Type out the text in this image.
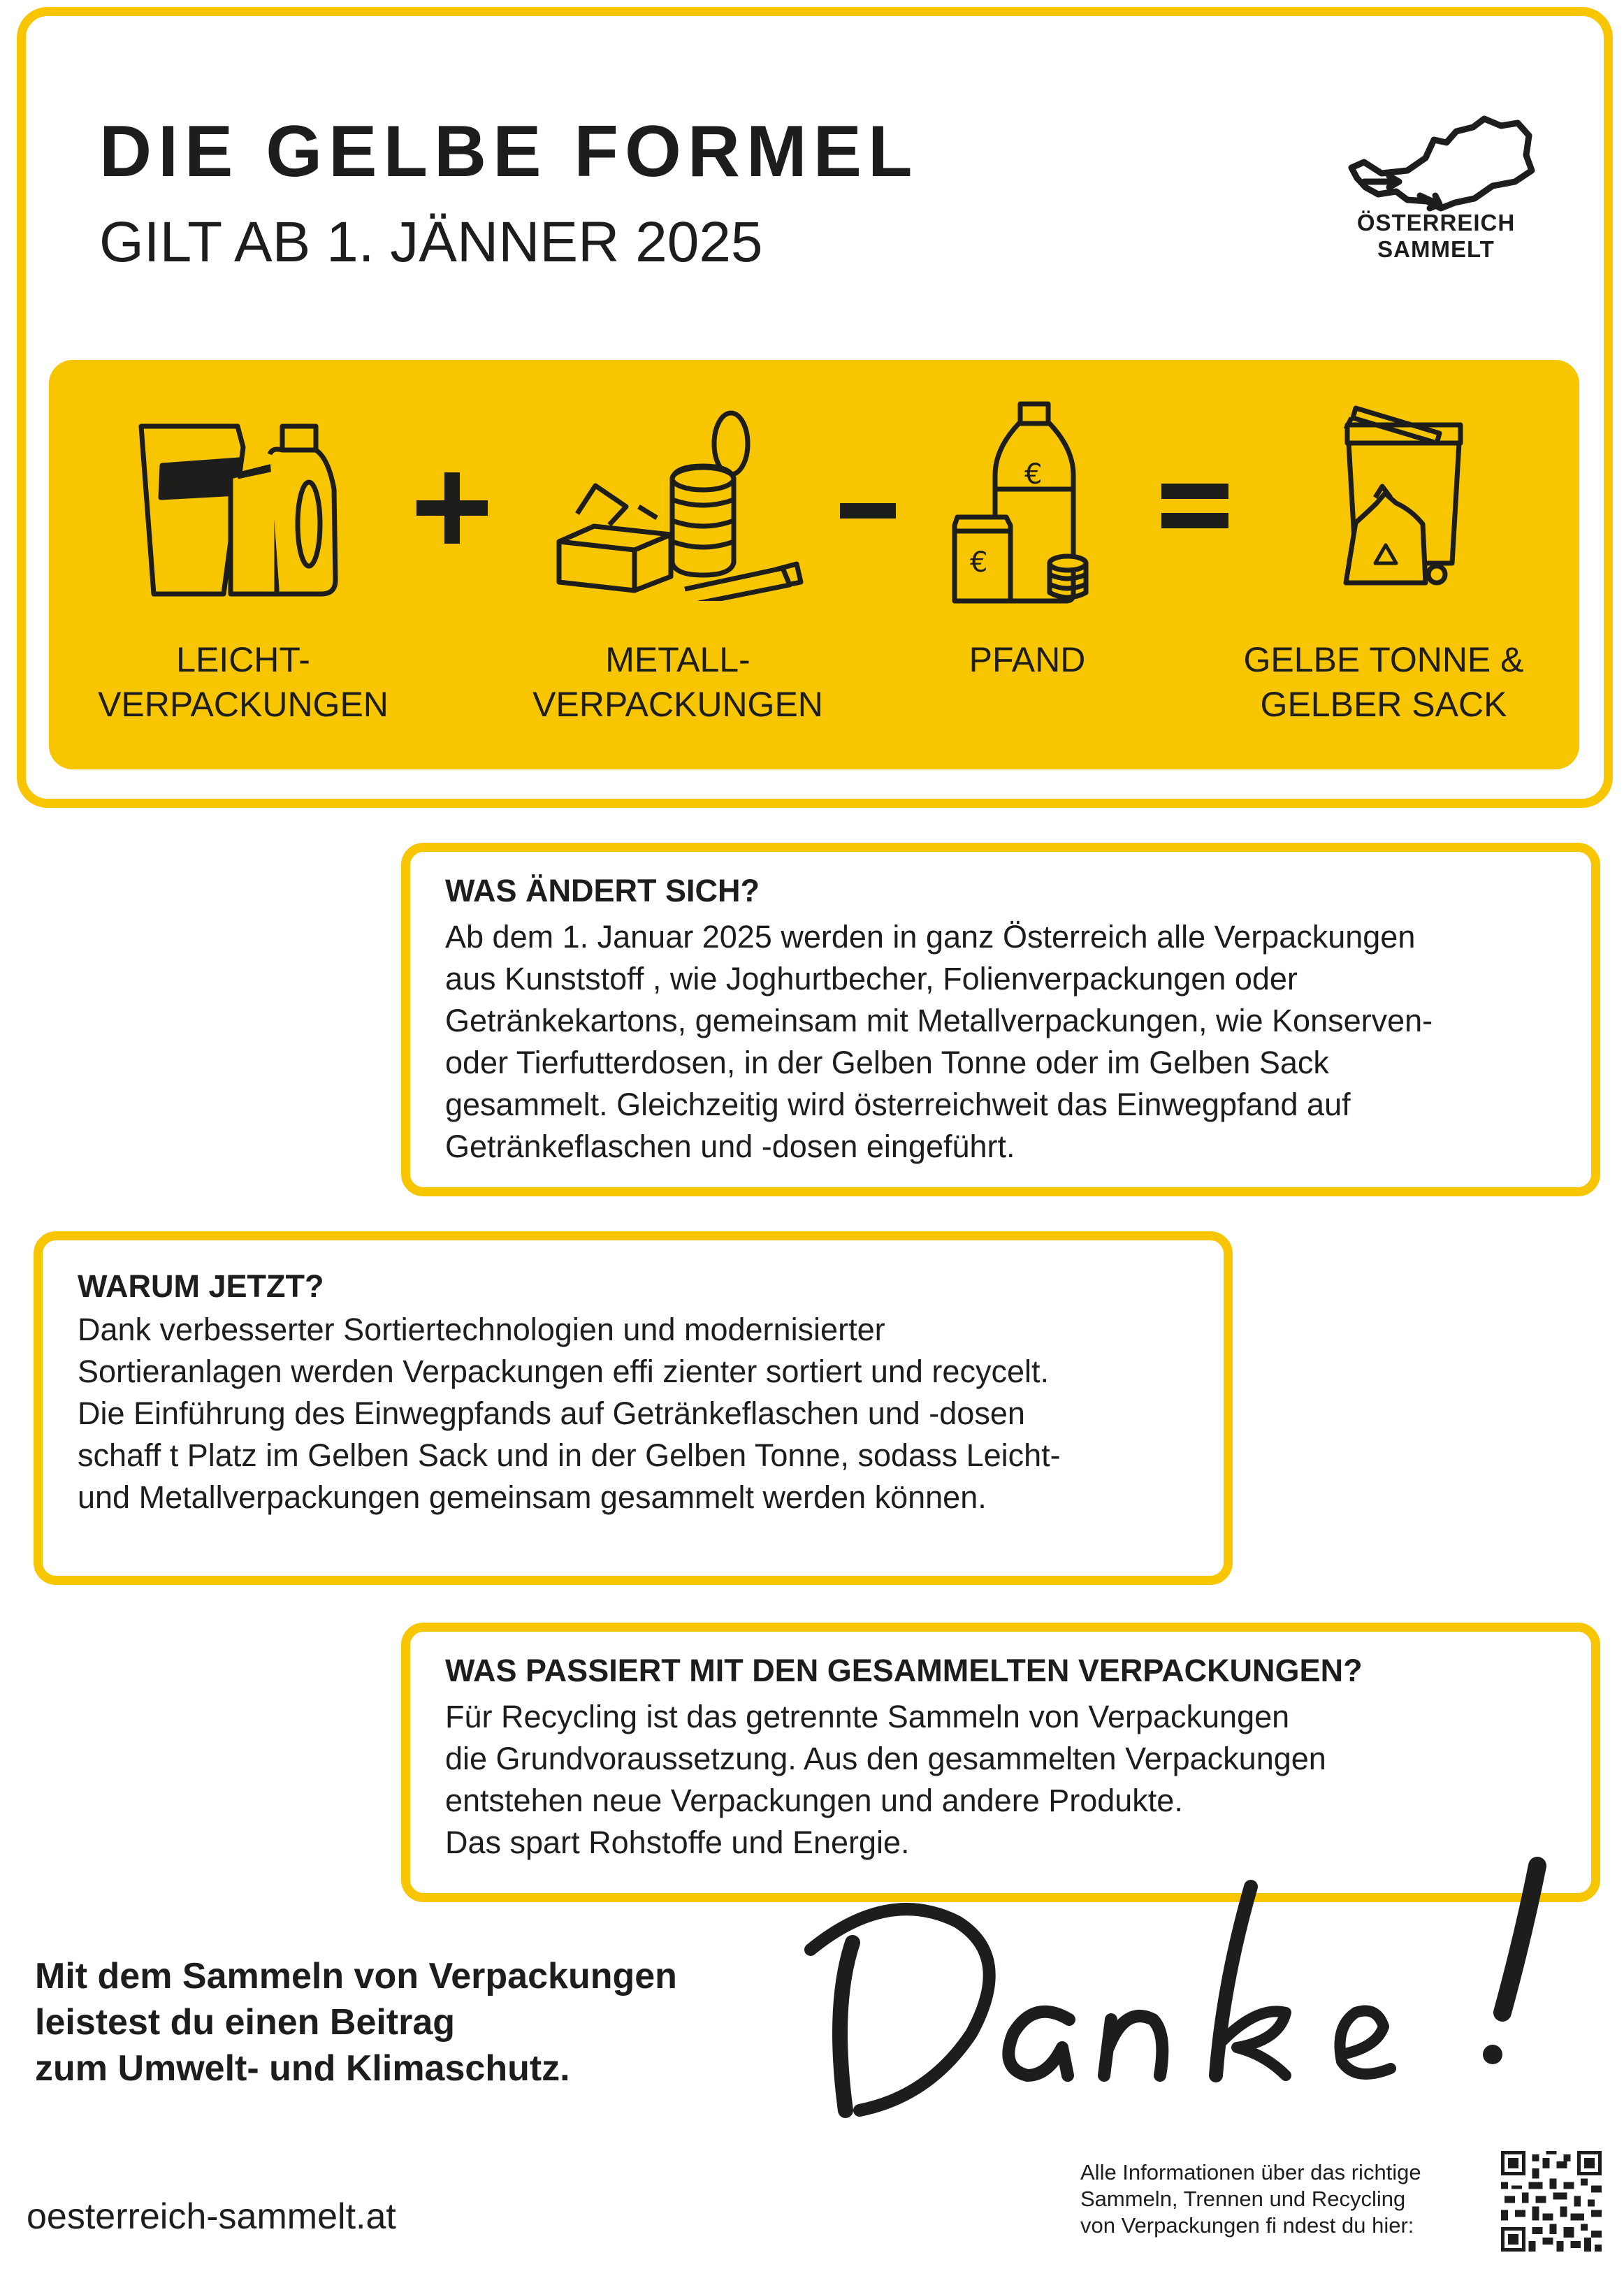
DIE GELBE FORMEL
GILT AB 1. JÄNNER 2025	ÖSTERREICH
SAMMELT
€
€
LEICHT-
VERPACKUNGEN
METALL-
VERPACKUNGEN
PFAND	GELBE TONNE &
GELBER SACK
WAS ÄNDERT SICH?
Ab dem 1. Januar 2025 werden in ganz Österreich alle Verpackungen
aus Kunststoff , wie Joghurtbecher, Folienverpackungen oder
Getränkekartons, gemeinsam mit Metallverpackungen, wie Konserven-
oder Tierfutterdosen, in der Gelben Tonne oder im Gelben Sack
gesammelt. Gleichzeitig wird österreichweit das Einwegpfand auf
Getränkeflaschen und -dosen eingeführt.
WARUM JETZT?
Dank verbesserter Sortiertechnologien und modernisierter
Sortieranlagen werden Verpackungen effi zienter sortiert und recycelt.
Die Einführung des Einwegpfands auf Getränkeflaschen und -dosen
schaff t Platz im Gelben Sack und in der Gelben Tonne, sodass Leicht-
und Metallverpackungen gemeinsam gesammelt werden können.
WAS PASSIERT MIT DEN GESAMMELTEN VERPACKUNGEN?
Für Recycling ist das getrennte Sammeln von Verpackungen
die Grundvoraussetzung. Aus den gesammelten Verpackungen
entstehen neue Verpackungen und andere Produkte.
Das spart Rohstoffe und Energie.
Mit dem Sammeln von Verpackungen
leistest du einen Beitrag
zum Umwelt- und Klimaschutz.
oesterreich-sammelt.at
Alle Informationen über das richtige
Sammeln, Trennen und Recycling
von Verpackungen fi ndest du hier:
